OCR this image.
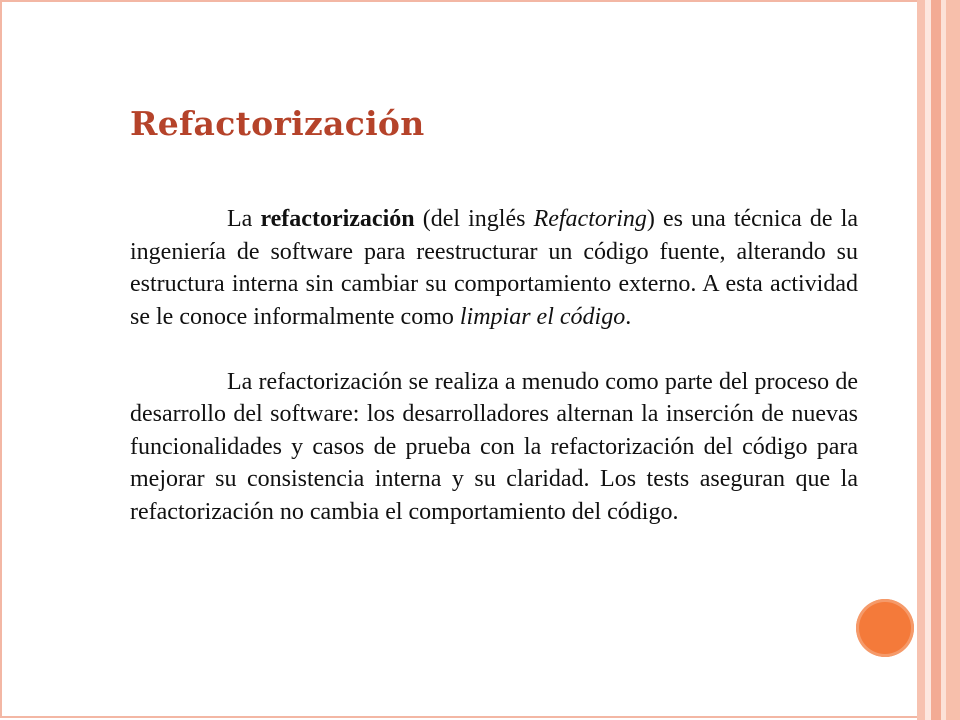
Refactorización

La refactorización (del inglés Refactoring) es una técnica de la ingeniería de software para reestructurar un código fuente, alterando su estructura interna sin cambiar su comportamiento externo. A esta actividad se le conoce informalmente como limpiar el código.

La refactorización se realiza a menudo como parte del proceso de desarrollo del software: los desarrolladores alternan la inserción de nuevas funcionalidades y casos de prueba con la refactorización del código para mejorar su consistencia interna y su claridad. Los tests aseguran que la refactorización no cambia el comportamiento del código.
